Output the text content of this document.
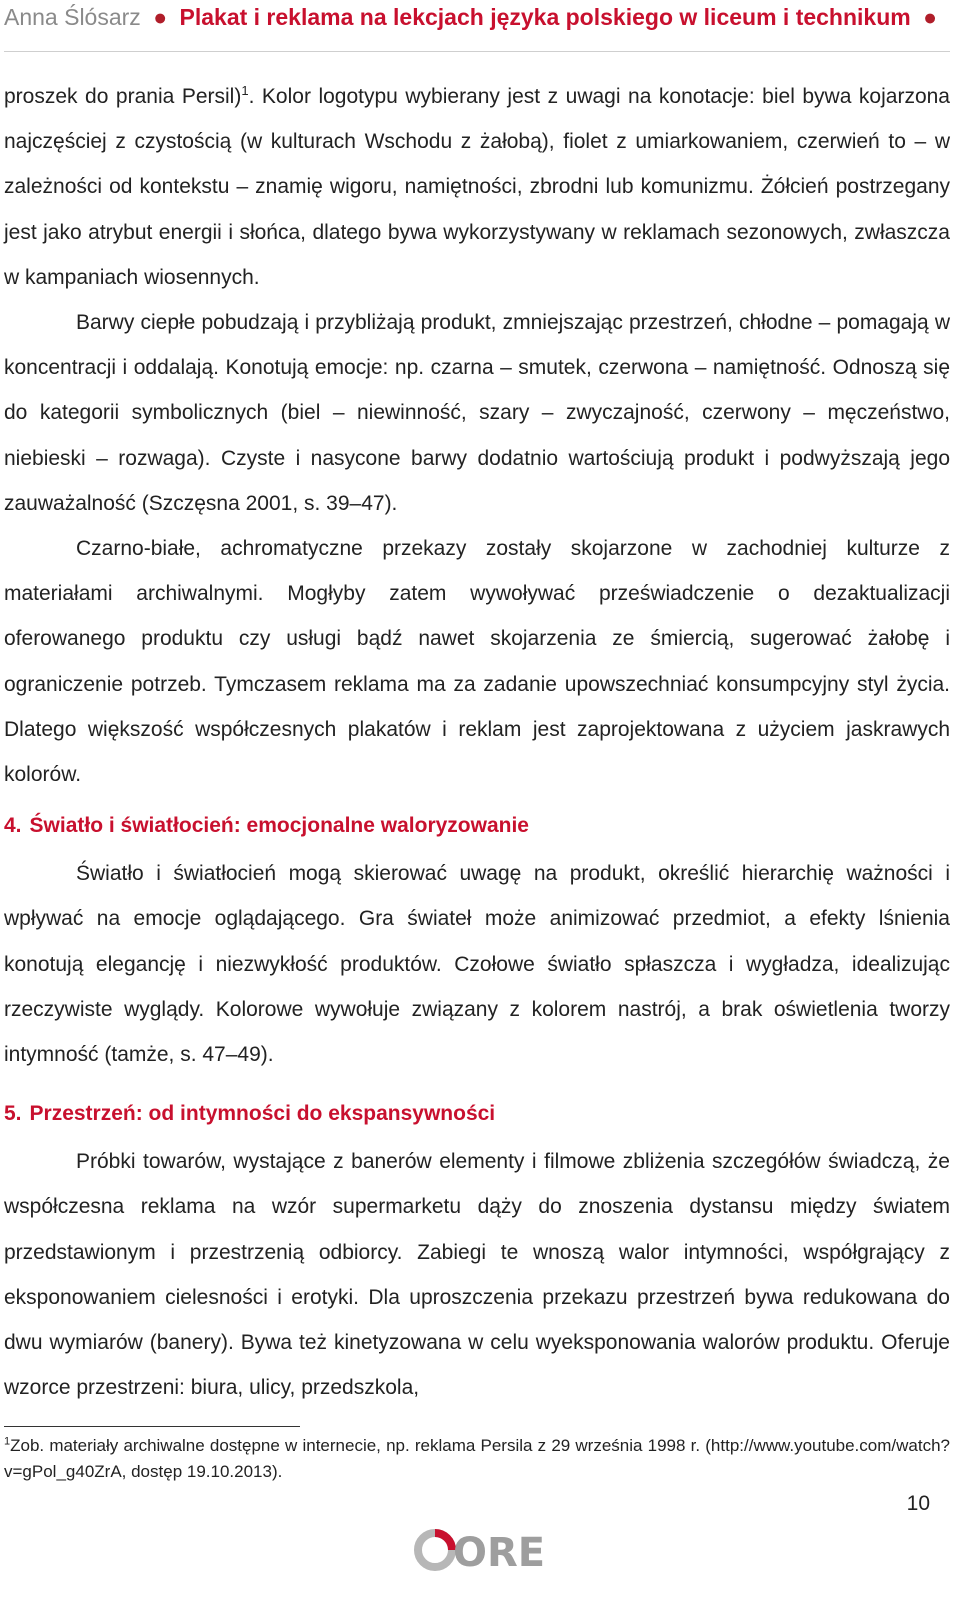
Anna Ślósarz ● Plakat i reklama na lekcjach języka polskiego w liceum i technikum ●

proszek do prania Persil)$^1$. Kolor logotypu wybierany jest z uwagi na konotacje: biel bywa kojarzona najczęściej z czystością (w kulturach Wschodu z żałobą), fiolet z umiarkowaniem, czerwień to – w zależności od kontekstu – znamię wigoru, namiętności, zbrodni lub komunizmu. Żółcień postrzegany jest jako atrybut energii i słońca, dlatego bywa wykorzystywany w reklamach sezonowych, zwłaszcza w kampaniach wiosennych.

Barwy ciepłe pobudzają i przybliżają produkt, zmniejszając przestrzeń, chłodne – pomagają w koncentracji i oddalają. Konotują emocje: np. czarna – smutek, czerwona – namiętność. Odnoszą się do kategorii symbolicznych (biel – niewinność, szary – zwyczajność, czerwony – męczeństwo, niebieski – rozwaga). Czyste i nasycone barwy dodatnio wartościują produkt i podwyższają jego zauważalność (Szczęsna 2001, s. 39–47).

Czarno-białe, achromatyczne przekazy zostały skojarzone w zachodniej kulturze z materiałami archiwalnymi. Mogłyby zatem wywoływać przeświadczenie o dezaktualizacji oferowanego produktu czy usługi bądź nawet skojarzenia ze śmiercią, sugerować żałobę i ograniczenie potrzeb. Tymczasem reklama ma za zadanie upowszechniać konsumpcyjny styl życia. Dlatego większość współczesnych plakatów i reklam jest zaprojektowana z użyciem jaskrawych kolorów.

4. Światło i światłocień: emocjonalne waloryzowanie

Światło i światłocień mogą skierować uwagę na produkt, określić hierarchię ważności i wpływać na emocje oglądającego. Gra świateł może animizować przedmiot, a efekty lśnienia konotują elegancję i niezwykłość produktów. Czołowe światło spłaszcza i wygładza, idealizując rzeczywiste wyglądy. Kolorowe wywołuje związany z kolorem nastrój, a brak oświetlenia tworzy intymność (tamże, s. 47–49).

5. Przestrzeń: od intymności do ekspansywności

Próbki towarów, wystające z banerów elementy i filmowe zbliżenia szczegółów świadczą, że współczesna reklama na wzór supermarketu dąży do znoszenia dystansu między światem przedstawionym i przestrzenią odbiorcy. Zabiegi te wnoszą walor intymności, współgrający z eksponowaniem cielesności i erotyki. Dla uproszczenia przekazu przestrzeń bywa redukowana do dwu wymiarów (banery). Bywa też kinetyzowana w celu wyeksponowania walorów produktu. Oferuje wzorce przestrzeni: biura, ulicy, przedszkola,

$^1$Zob. materiały archiwalne dostępne w internecie, np. reklama Persila z 29 września 1998 r. (http://www.youtube.com/watch?v=gPol_g40ZrA, dostęp 19.10.2013).
10
ORE
